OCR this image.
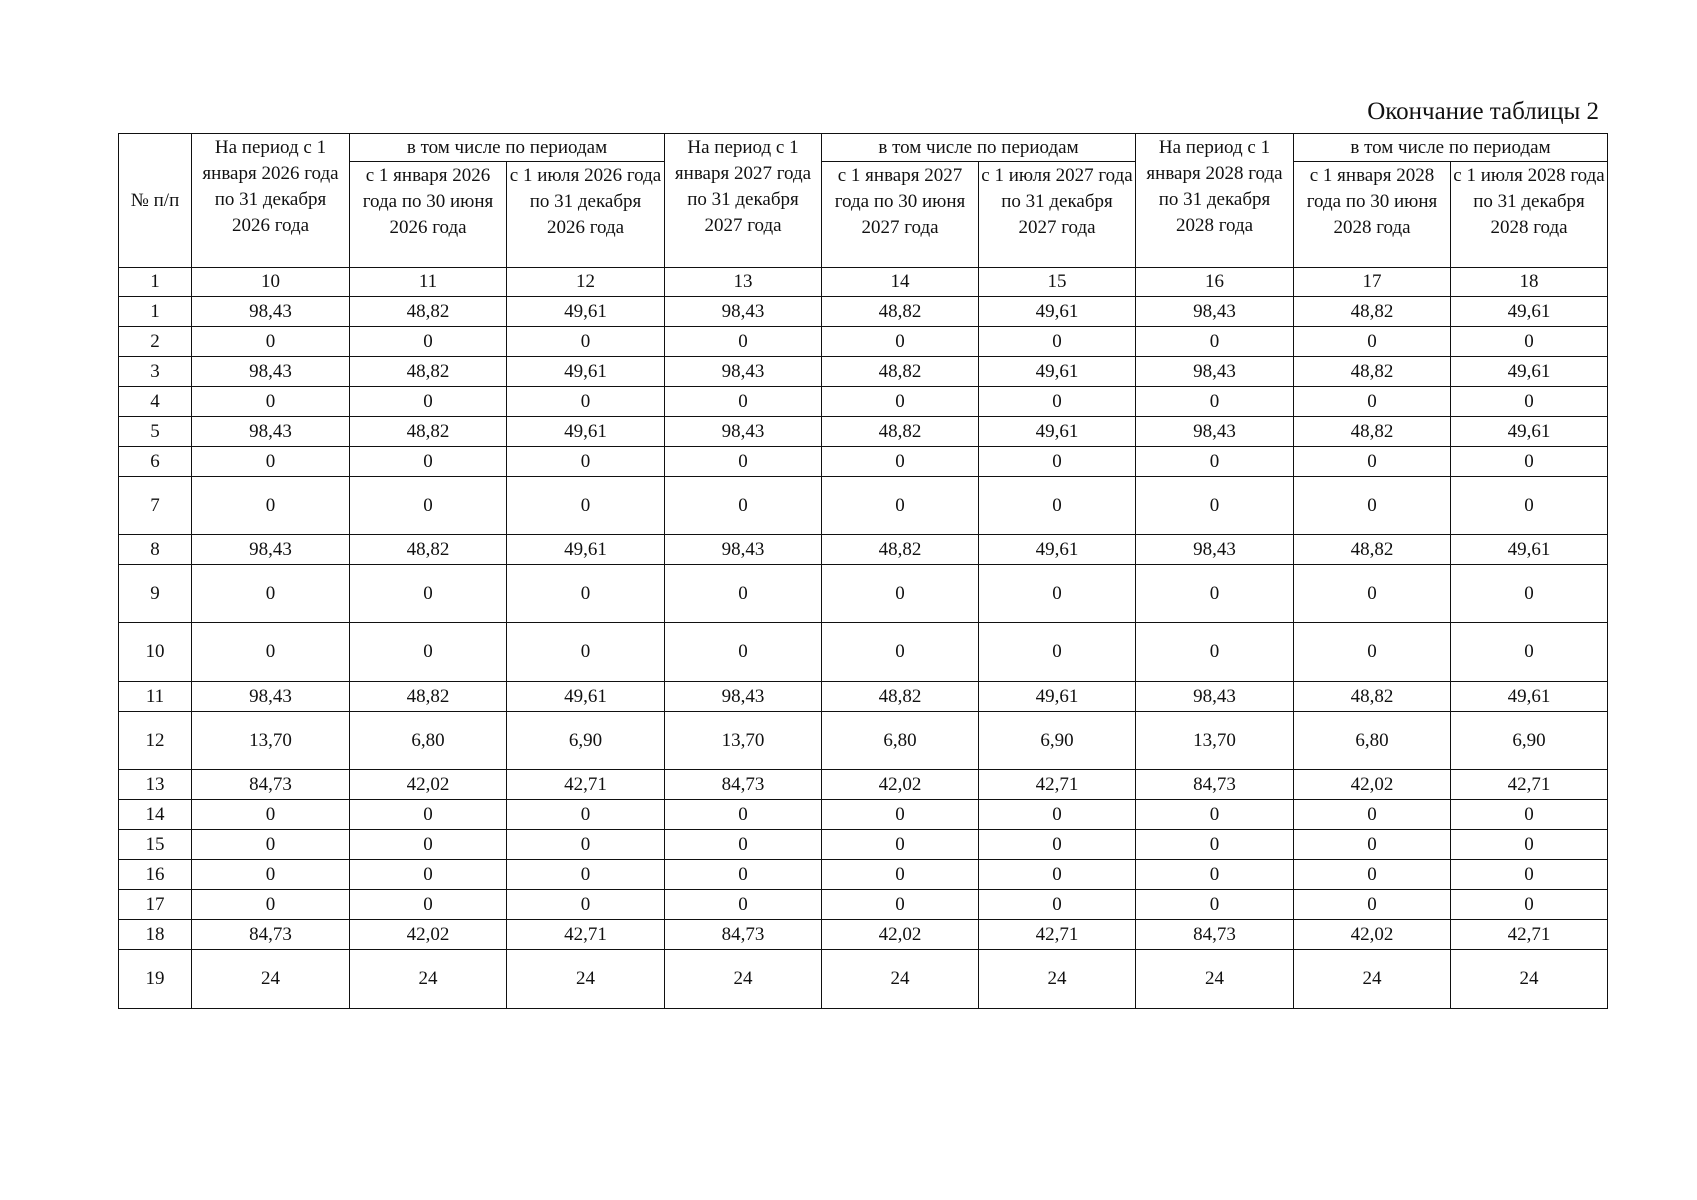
Окончание таблицы 2
№ п/п	На период с 1 января 2026 года по 31 декабря 2026 года	в том числе по периодам		На период с 1 января 2027 года по 31 декабря 2027 года	в том числе по периодам		На период с 1 января 2028 года по 31 декабря 2028 года	в том числе по периодам	
		с 1 января 2026 года по 30 июня 2026 года	с 1 июля 2026 года по 31 декабря 2026 года		с 1 января 2027 года по 30 июня 2027 года	с 1 июля 2027 года по 31 декабря 2027 года		с 1 января 2028 года по 30 июня 2028 года	с 1 июля 2028 года по 31 декабря 2028 года
1	10	11	12	13	14	15	16	17	18
1	98,43	48,82	49,61	98,43	48,82	49,61	98,43	48,82	49,61
2	0	0	0	0	0	0	0	0	0
3	98,43	48,82	49,61	98,43	48,82	49,61	98,43	48,82	49,61
4	0	0	0	0	0	0	0	0	0
5	98,43	48,82	49,61	98,43	48,82	49,61	98,43	48,82	49,61
6	0	0	0	0	0	0	0	0	0
7	0	0	0	0	0	0	0	0	0
8	98,43	48,82	49,61	98,43	48,82	49,61	98,43	48,82	49,61
9	0	0	0	0	0	0	0	0	0
10	0	0	0	0	0	0	0	0	0
11	98,43	48,82	49,61	98,43	48,82	49,61	98,43	48,82	49,61
12	13,70	6,80	6,90	13,70	6,80	6,90	13,70	6,80	6,90
13	84,73	42,02	42,71	84,73	42,02	42,71	84,73	42,02	42,71
14	0	0	0	0	0	0	0	0	0
15	0	0	0	0	0	0	0	0	0
16	0	0	0	0	0	0	0	0	0
17	0	0	0	0	0	0	0	0	0
18	84,73	42,02	42,71	84,73	42,02	42,71	84,73	42,02	42,71
19	24	24	24	24	24	24	24	24	24
